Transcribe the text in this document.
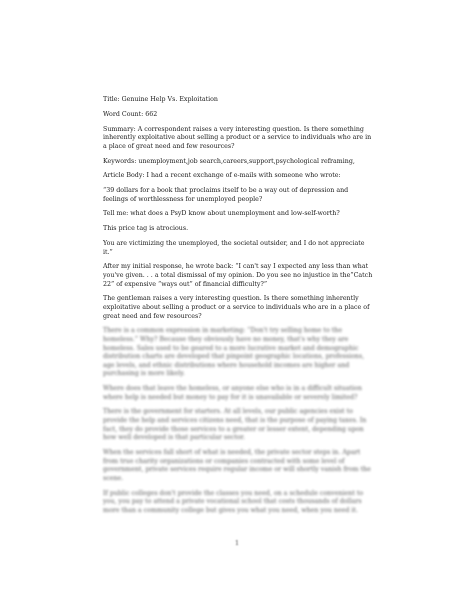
Title: Genuine Help Vs. Exploitation

Word Count: 662

Summary: A correspondent raises a very interesting question. Is there something inherently exploitative about selling a product or a service to individuals who are in a place of great need and few resources?

Keywords: unemployment,job search,careers,support,psychological reframing,

Article Body: I had a recent exchange of e-mails with someone who wrote:

“39 dollars for a book that proclaims itself to be a way out of depression and feelings of worthlessness for unemployed people?

Tell me: what does a PsyD know about unemployment and low-self-worth?

This price tag is atrocious.

You are victimizing the unemployed, the societal outsider, and I do not appreciate it.”

After my initial response, he wrote back: “I can't say I expected any less than what you've given. . . a total dismissal of my opinion. Do you see no injustice in the”Catch 22” of expensive “ways out” of financial difficulty?”

The gentleman raises a very interesting question. Is there something inherently exploitative about selling a product or a service to individuals who are in a place of great need and few resources?

There is a common expression in marketing: “Don't try selling home to the homeless.” Why? Because they obviously have no money, that's why they are homeless. Sales used to be geared to a more lucrative market and demographic distribution charts are developed that pinpoint geographic locations, professions, age levels, and ethnic distributions where household incomes are higher and purchasing is more likely.

Where does that leave the homeless, or anyone else who is in a difficult situation where help is needed but money to pay for it is unavailable or severely limited?

There is the government for starters. At all levels, our public agencies exist to provide the help and services citizens need, that is the purpose of paying taxes. In fact, they do provide those services to a greater or lesser extent, depending upon how well developed is that particular sector.

When the services fall short of what is needed, the private sector steps in. Apart from true charity organizations or companies contracted with some level of government, private services require regular income or will shortly vanish from the scene.

If public colleges don't provide the classes you need, on a schedule convenient to you, you pay to attend a private vocational school that costs thousands of dollars more than a community college but gives you what you need, when you need it.

1
